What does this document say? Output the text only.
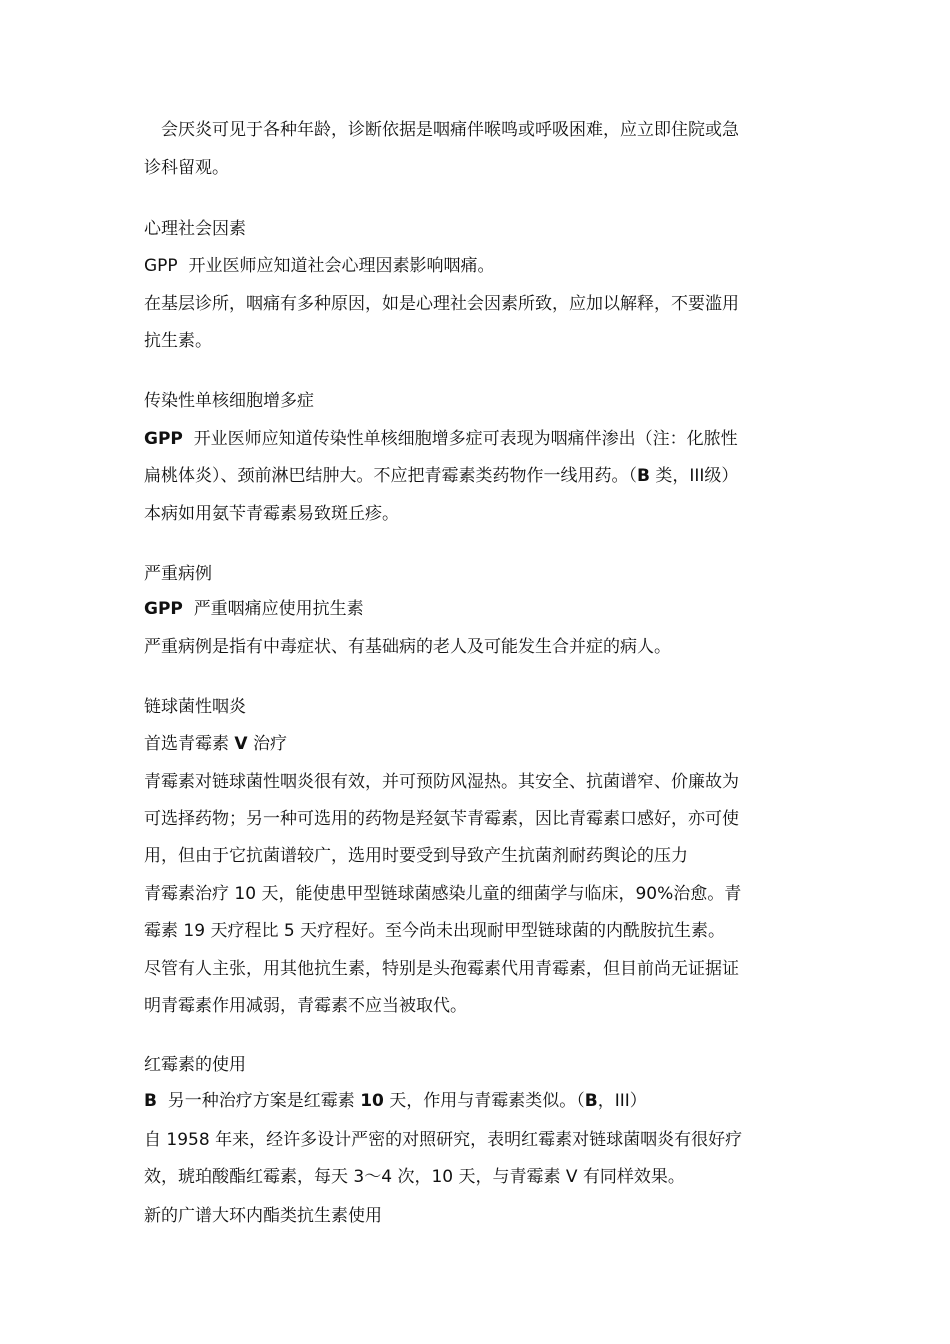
　会厌炎可见于各种年龄，诊断依据是咽痛伴喉鸣或呼吸困难，应立即住院或急
诊科留观。
心理社会因素
GPP 开业医师应知道社会心理因素影响咽痛。
在基层诊所，咽痛有多种原因，如是心理社会因素所致，应加以解释，不要滥用
抗生素。
传染性单核细胞增多症
GPP 开业医师应知道传染性单核细胞增多症可表现为咽痛伴渗出（注：化脓性
扁桃体炎）、颈前淋巴结肿大。不应把青霉素类药物作一线用药。（B 类，III级）
本病如用氨苄青霉素易致斑丘疹。
严重病例
GPP 严重咽痛应使用抗生素
严重病例是指有中毒症状、有基础病的老人及可能发生合并症的病人。
链球菌性咽炎
首选青霉素 V 治疗
青霉素对链球菌性咽炎很有效，并可预防风湿热。其安全、抗菌谱窄、价廉故为
可选择药物；另一种可选用的药物是羟氨苄青霉素，因比青霉素口感好，亦可使
用，但由于它抗菌谱较广，选用时要受到导致产生抗菌剂耐药舆论的压力
青霉素治疗 10 天，能使患甲型链球菌感染儿童的细菌学与临床，90%治愈。青
霉素 19 天疗程比 5 天疗程好。至今尚未出现耐甲型链球菌的内酰胺抗生素。
尽管有人主张，用其他抗生素，特别是头孢霉素代用青霉素，但目前尚无证据证
明青霉素作用减弱，青霉素不应当被取代。
红霉素的使用
B 另一种治疗方案是红霉素 10 天，作用与青霉素类似。（B，III）
自 1958 年来，经许多设计严密的对照研究，表明红霉素对链球菌咽炎有很好疗
效，琥珀酸酯红霉素，每天 3～4 次，10 天，与青霉素 V 有同样效果。
新的广谱大环内酯类抗生素使用
